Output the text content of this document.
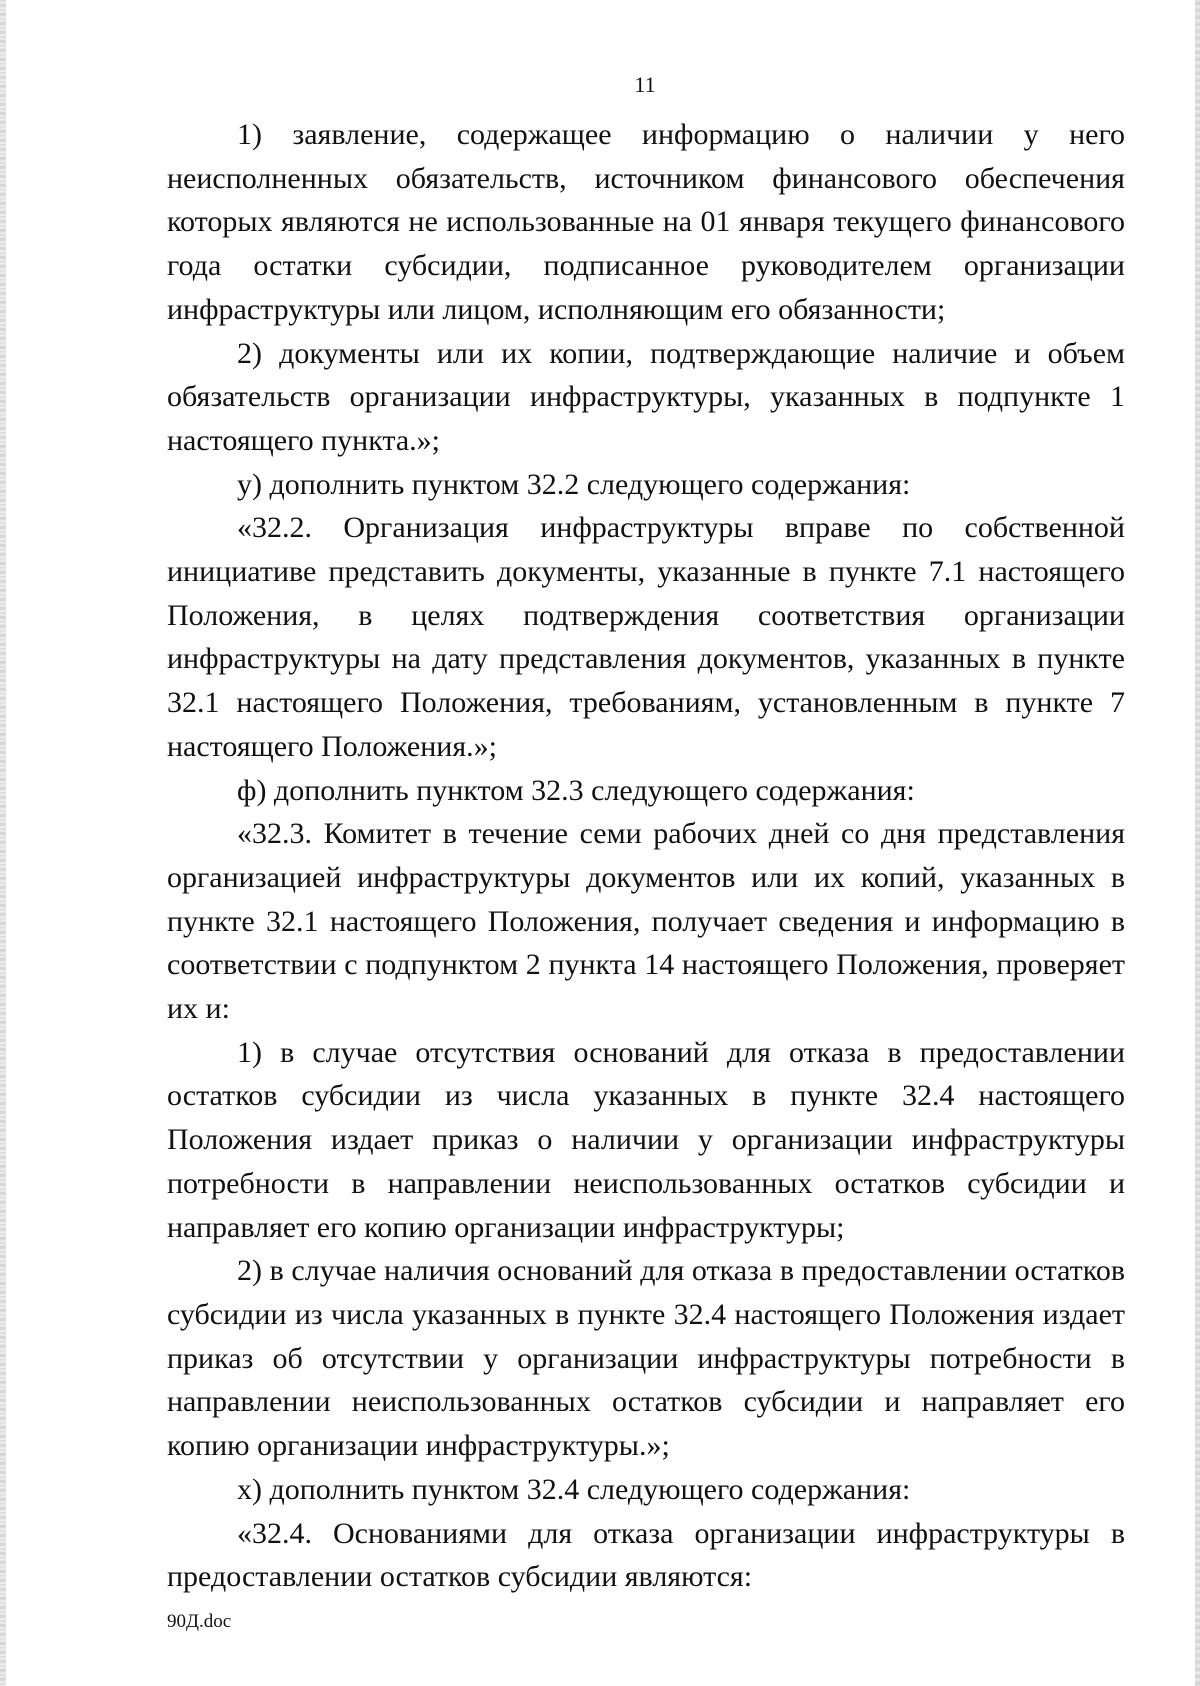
11

1) заявление, содержащее информацию о наличии у него неисполненных обязательств, источником финансового обеспечения которых являются не использованные на 01 января текущего финансового года остатки субсидии, подписанное руководителем организации инфраструктуры или лицом, исполняющим его обязанности;

2) документы или их копии, подтверждающие наличие и объем обязательств организации инфраструктуры, указанных в подпункте 1 настоящего пункта.»;

у) дополнить пунктом 32.2 следующего содержания:

«32.2. Организация инфраструктуры вправе по собственной инициативе представить документы, указанные в пункте 7.1 настоящего Положения, в целях подтверждения соответствия организации инфраструктуры на дату представления документов, указанных в пункте 32.1 настоящего Положения, требованиям, установленным в пункте 7 настоящего Положения.»;

ф) дополнить пунктом 32.3 следующего содержания:

«32.3. Комитет в течение семи рабочих дней со дня представления организацией инфраструктуры документов или их копий, указанных в пункте 32.1 настоящего Положения, получает сведения и информацию в соответствии с подпунктом 2 пункта 14 настоящего Положения, проверяет их и:

1) в случае отсутствия оснований для отказа в предоставлении остатков субсидии из числа указанных в пункте 32.4 настоящего Положения издает приказ о наличии у организации инфраструктуры потребности в направлении неиспользованных остатков субсидии и направляет его копию организации инфраструктуры;

2) в случае наличия оснований для отказа в предоставлении остатков субсидии из числа указанных в пункте 32.4 настоящего Положения издает приказ об отсутствии у организации инфраструктуры потребности в направлении неиспользованных остатков субсидии и направляет его копию организации инфраструктуры.»;

х) дополнить пунктом 32.4 следующего содержания:

«32.4. Основаниями для отказа организации инфраструктуры в предоставлении остатков субсидии являются:

90Д.doc
